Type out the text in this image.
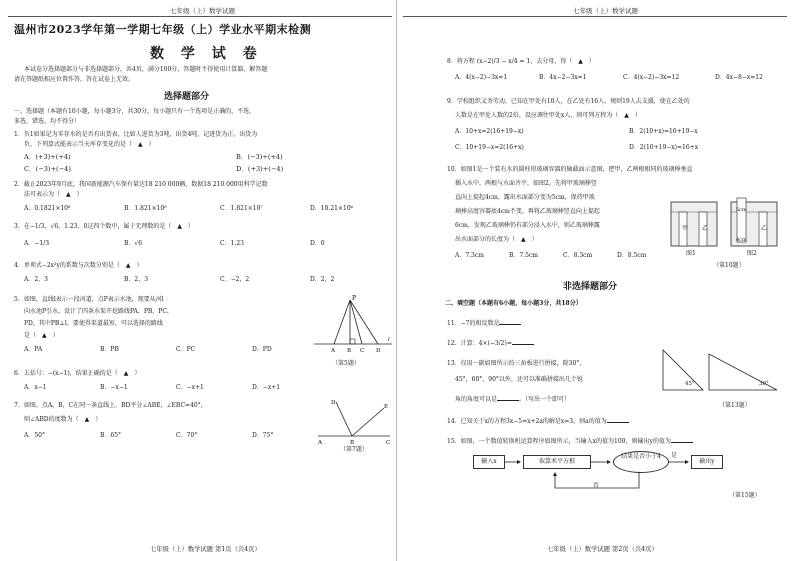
七年级（上）数学试题
温州市2023学年第一学期七年级（上）学业水平期末检测
数 学 试 卷
本试卷分选择题部分与非选择题部分，共4页，满分100分，答题时不得使用计算器，解答题
请在答题纸相应位置作答，答在试卷上无效。
选择题部分
一、选择题（本题有10小题，每小题3分，共30分，每小题只有一个选项是正确的，不选，
多选，错选，均不得分）
1．负1如果记为零存水的是否有出货表，比如人进货为3吨，出货4吨，记进货为正，出货为
负，下列算式能表示当天库存变化的是（　▲　）
A．(+3)+(+4)	B．(−3)+(+4)
C．(−3)+(−4)	D．(+3)+(−4)
2．截止2023年9月底，我国新能源汽车保有量达18 210 000辆，数据18 210 000用科学记数
法可表示为（　▲　）
A．0.1821×10⁸	B．1.821×10⁸	C．1.821×10⁷	D．18.21×10⁶
3．在−1/3，√6，1.23，0这四个数中，属于无理数的是（　▲　）
A．−1/3	B．√6	C．1.23	D．0
4．单项式−2x²y的系数与次数分别是（　▲　）
A．2，3	B．2，3	C．−2，2	D．2，2
5．如图，直线l表示一段河道，点P表示水池，现要从河l
向水池P引水，设计了四条水渠开挖路线PA，PB，PC，
PD，其中PB⊥l，要使得渠道最短，可以选择的路线
是（　▲　）
A．PA	B．PB	C．PC	D．PD
P
A B C D
l
（第5题）
6．去括号：−(x−1)，结果正确的是（　▲　）
A．x−1	B．−x−1	C．−x+1	D．−x+1
7．如图，点A，B，C在同一条直线上，BD平分∠ABE，∠EBC=40°，
则∠ABD的度数为（　▲　）
A．50°	B．65°	C．70°	D．75°
D
E
A	B	C
（第7题）
七年级（上）数学试题 第1页（共4页）
七年级（上）数学试题
8．将方程 (x−2)/3 − x/4 = 1，去分母，得（　▲　）
A．4(x−2)−3x=1	B．4x−2−3x=1	C．4(x−2)−3x=12	D．4x−8−x=12
9．学校组织义务劳动，已知在甲处有10人，在乙处有16人，规则19人去支援，使在乙处的
人数是在甲处人数的2倍，设应调往甲处x人，则可列方程为（　▲　）
A．10+x=2(16+19−x)	B．2(10+x)=16+19−x
C．10+19−x=2(16+x)	D．2(10+19−x)=16+x
10．如图1是一个装有水的圆柱形玻璃容器的轴截面示意图，把甲，乙两根相同的玻璃棒垂直
插入水中，两根与水面齐平，如图2，先将甲玻璃棒竖
直向上提起4cm，露出水面部分变为5cm，保持甲玻
璃棒高度容器底4cm不变，再将乙玻璃棒竖直向上提起
6cm，发现乙玻璃棒仍有部分浸入水中，则乙玻璃棒露
出水面部分的长度为（　▲　）
A．7.3cm	B．7.5cm	C．8.3cm	D．8.5cm
甲 乙	乙
5cm
4cm
图1	图2
（第10题）
非选择题部分
二、填空题（本题有6小题，每小题3分，共18分）
11．−7的相反数是
12．计算：4×(−3/2)=
13．仅用一副如图所示的三角板进行拼接，除30°，
45°，60°，90°以外，还可以准确拼接出几个锐
角的角度可以是	。（写出一个即可）
45°	30°
（第13题）
14．已知关于x的方程3x−5=x+2a的解是x=3，则a的值为
15．如图，一个数值转换机运算程序如图所示，当输入x的值为100，则输出y的值为
输入x	取算术平方根
结果是否小于4	是
输出y
否
（第15题）
七年级（上）数学试题 第2页（共4页）
